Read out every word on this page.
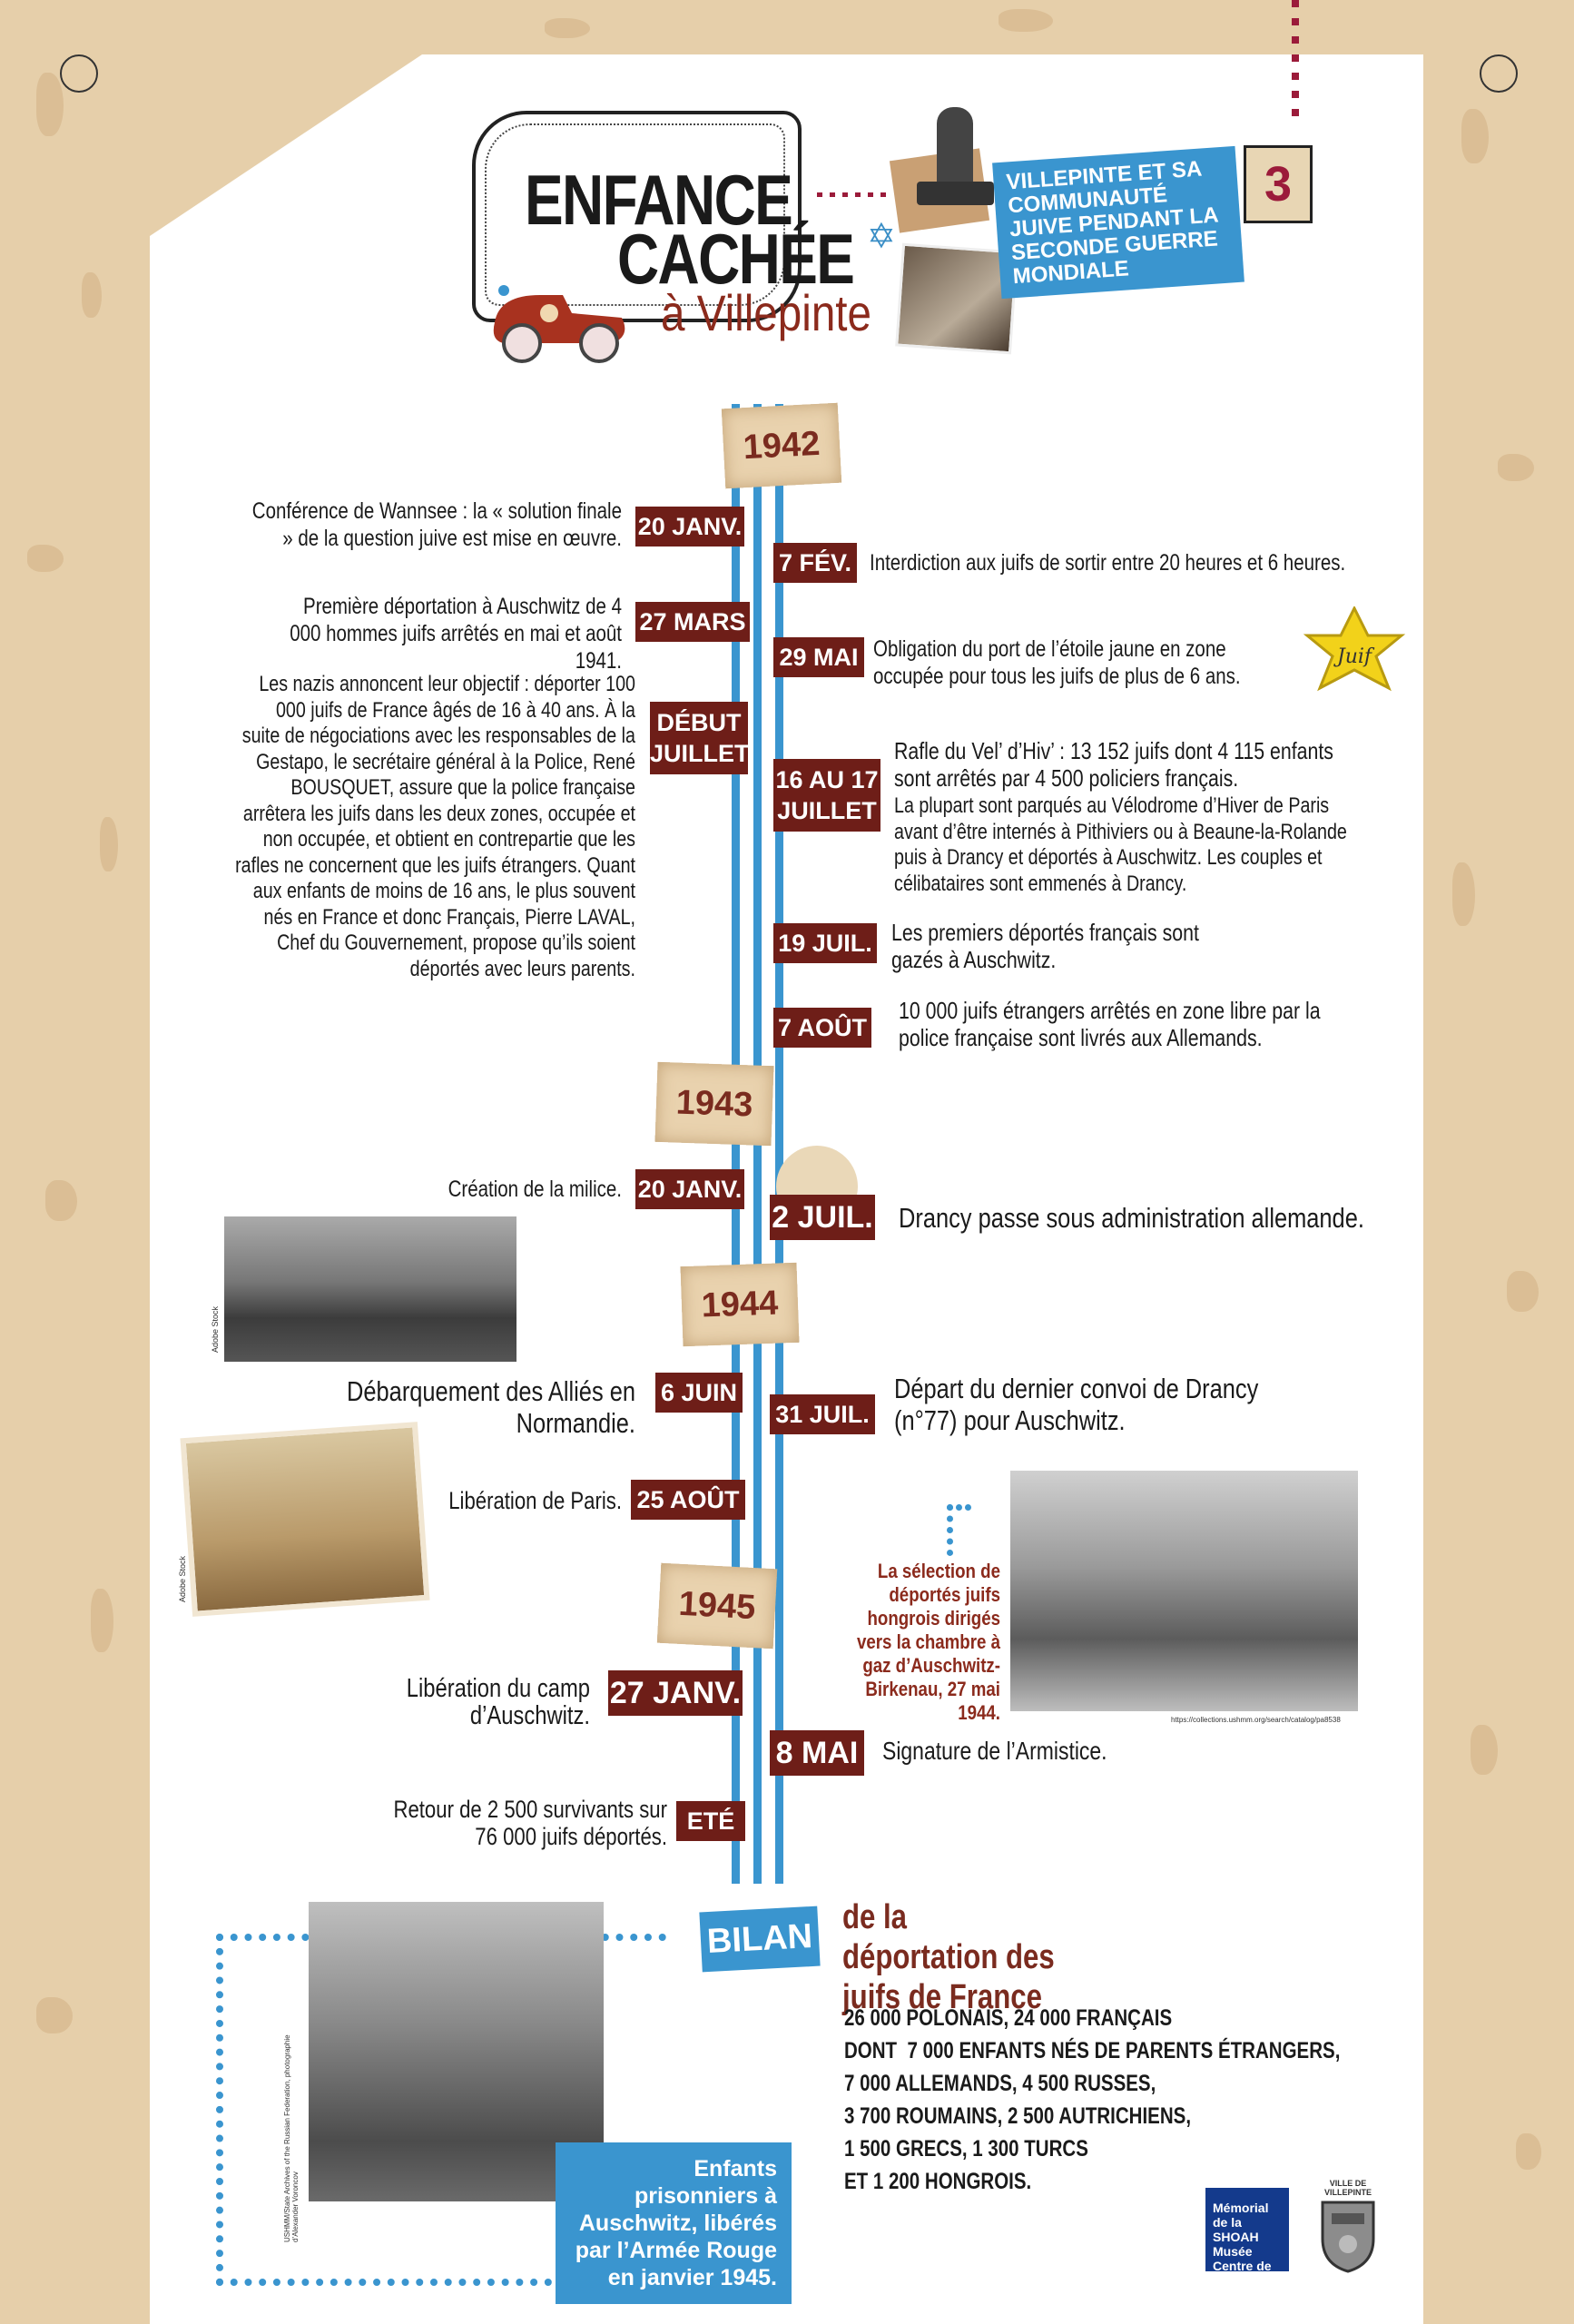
ENFANCE
CACHÉE
à Villepinte
✡
VILLEPINTE ET SA COMMUNAUTÉ JUIVE PENDANT LA SECONDE GUERRE MONDIALE
3
1942
1943
1944
1945
Conférence de Wannsee : la « solution finale » de la question juive est mise en œuvre. 20 JANV.
7 FÉV. Interdiction aux juifs de sortir entre 20 heures et 6 heures.
Première déportation à Auschwitz de 4 000 hommes juifs arrêtés en mai et août 1941.
27 MARS
29 MAI Obligation du port de l’étoile jaune en zone occupée pour tous les juifs de plus de 6 ans.
Juif
Les nazis annoncent leur objectif : déporter 100 000 juifs de France âgés de 16 à 40 ans. À la suite de négociations avec les responsables de la Gestapo, le secrétaire général à la Police, René BOUSQUET, assure que la police française arrêtera les juifs dans les deux zones, occupée et non occupée, et obtient en contrepartie que les rafles ne concernent que les juifs étrangers. Quant aux enfants de moins de 16 ans, le plus souvent nés en France et donc Français, Pierre LAVAL, Chef du Gouvernement, propose qu’ils soient déportés avec leurs parents.
DÉBUT JUILLET
16 AU 17 JUILLET
Rafle du Vel’ d’Hiv’ : 13 152 juifs dont 4 115 enfants sont arrêtés par 4 500 policiers français.
La plupart sont parqués au Vélodrome d’Hiver de Paris avant d’être internés à Pithiviers ou à Beaune-la-Rolande puis à Drancy et déportés à Auschwitz. Les couples et célibataires sont emmenés à Drancy.
19 JUIL. Les premiers déportés français sont gazés à Auschwitz.
7 AOÛT
10 000 juifs étrangers arrêtés en zone libre par la police française sont livrés aux Allemands.
Création de la milice. 20 JANV.
2 JUIL. Drancy passe sous administration allemande.
Adobe Stock
Débarquement des Alliés en Normandie.
6 JUIN
31 JUIL.
Départ du dernier convoi de Drancy (n°77) pour Auschwitz.
Adobe Stock
Libération de Paris. 25 AOÛT
La sélection de déportés juifs hongrois dirigés vers la chambre à gaz d’Auschwitz-Birkenau, 27 mai 1944.	https://collections.ushmm.org/search/catalog/pa8538
Libération du camp d’Auschwitz.
27 JANV.
8 MAI Signature de l’Armistice.
Retour de 2 500 survivants sur 76 000 juifs déportés.
ETÉ
USHMM/State Archives of the Russian Federation, photographie d’Alexander Voroncov
Enfants prisonniers à Auschwitz, libérés par l’Armée Rouge en janvier 1945.
BILAN de la déportation des juifs de France
26 000 POLONAIS, 24 000 FRANÇAIS
DONT  7 000 ENFANTS NÉS DE PARENTS ÉTRANGERS,
7 000 ALLEMANDS, 4 500 RUSSES,
3 700 ROUMAINS, 2 500 AUTRICHIENS,
1 500 GRECS, 1 300 TURCS
ET 1 200 HONGROIS.
Mémorial de la SHOAH Musée Centre de documentation
VILLE DE VILLEPINTE
